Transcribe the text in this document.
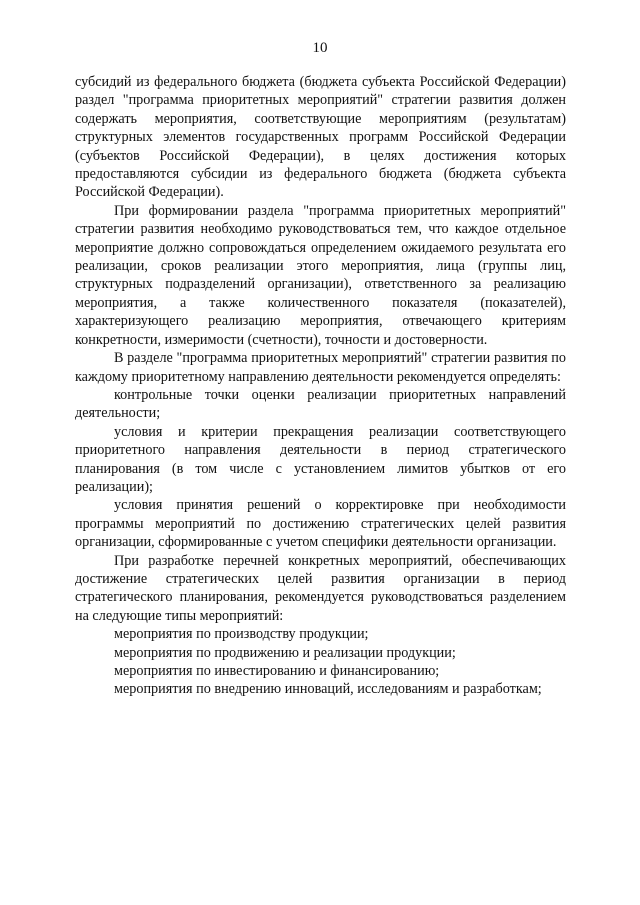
10

субсидий из федерального бюджета (бюджета субъекта Российской Федерации) раздел "программа приоритетных мероприятий" стратегии развития должен содержать мероприятия, соответствующие мероприятиям (результатам) структурных элементов государственных программ Российской Федерации (субъектов Российской Федерации), в целях достижения которых предоставляются субсидии из федерального бюджета (бюджета субъекта Российской Федерации).

При формировании раздела "программа приоритетных мероприятий" стратегии развития необходимо руководствоваться тем, что каждое отдельное мероприятие должно сопровождаться определением ожидаемого результата его реализации, сроков реализации этого мероприятия, лица (группы лиц, структурных подразделений организации), ответственного за реализацию мероприятия, а также количественного показателя (показателей), характеризующего реализацию мероприятия, отвечающего критериям конкретности, измеримости (счетности), точности и достоверности.

В разделе "программа приоритетных мероприятий" стратегии развития по каждому приоритетному направлению деятельности рекомендуется определять:

контрольные точки оценки реализации приоритетных направлений деятельности;

условия и критерии прекращения реализации соответствующего приоритетного направления деятельности в период стратегического планирования (в том числе с установлением лимитов убытков от его реализации);

условия принятия решений о корректировке при необходимости программы мероприятий по достижению стратегических целей развития организации, сформированные с учетом специфики деятельности организации.

При разработке перечней конкретных мероприятий, обеспечивающих достижение стратегических целей развития организации в период стратегического планирования, рекомендуется руководствоваться разделением на следующие типы мероприятий:

мероприятия по производству продукции;

мероприятия по продвижению и реализации продукции;

мероприятия по инвестированию и финансированию;

мероприятия по внедрению инноваций, исследованиям и разработкам;
